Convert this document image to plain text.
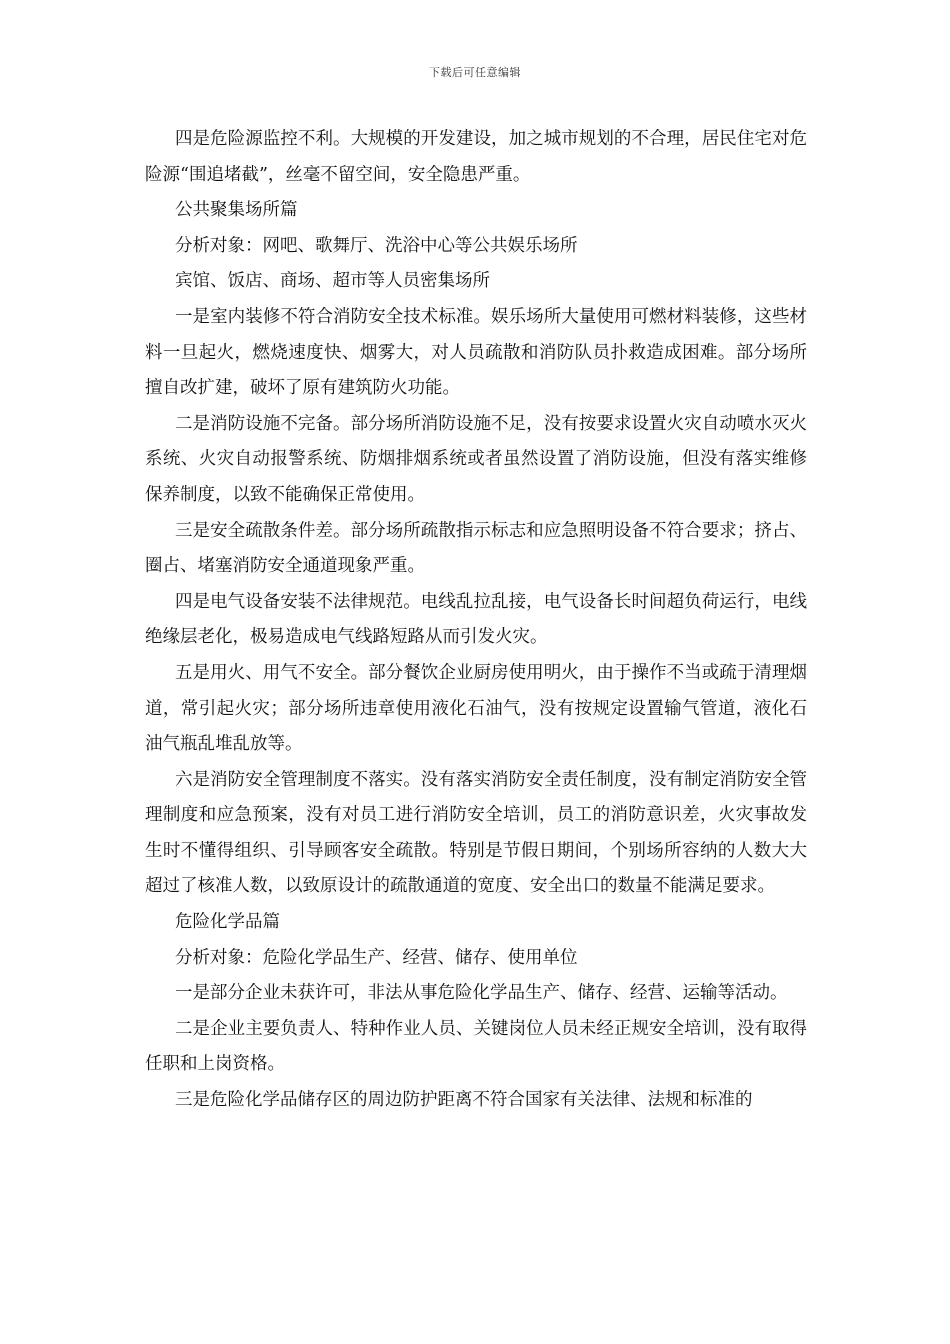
下载后可任意编辑

四是危险源监控不利。大规模的开发建设，加之城市规划的不合理，居民住宅对危险源“围追堵截”，丝毫不留空间，安全隐患严重。

公共聚集场所篇

分析对象：网吧、歌舞厅、洗浴中心等公共娱乐场所

宾馆、饭店、商场、超市等人员密集场所

一是室内装修不符合消防安全技术标准。娱乐场所大量使用可燃材料装修，这些材料一旦起火，燃烧速度快、烟雾大，对人员疏散和消防队员扑救造成困难。部分场所擅自改扩建，破坏了原有建筑防火功能。

二是消防设施不完备。部分场所消防设施不足，没有按要求设置火灾自动喷水灭火系统、火灾自动报警系统、防烟排烟系统或者虽然设置了消防设施，但没有落实维修保养制度，以致不能确保正常使用。

三是安全疏散条件差。部分场所疏散指示标志和应急照明设备不符合要求；挤占、圈占、堵塞消防安全通道现象严重。

四是电气设备安装不法律规范。电线乱拉乱接，电气设备长时间超负荷运行，电线绝缘层老化，极易造成电气线路短路从而引发火灾。

五是用火、用气不安全。部分餐饮企业厨房使用明火，由于操作不当或疏于清理烟道，常引起火灾；部分场所违章使用液化石油气，没有按规定设置输气管道，液化石油气瓶乱堆乱放等。

六是消防安全管理制度不落实。没有落实消防安全责任制度，没有制定消防安全管理制度和应急预案，没有对员工进行消防安全培训，员工的消防意识差，火灾事故发生时不懂得组织、引导顾客安全疏散。特别是节假日期间，个别场所容纳的人数大大超过了核准人数，以致原设计的疏散通道的宽度、安全出口的数量不能满足要求。

危险化学品篇

分析对象：危险化学品生产、经营、储存、使用单位

一是部分企业未获许可，非法从事危险化学品生产、储存、经营、运输等活动。

二是企业主要负责人、特种作业人员、关键岗位人员未经正规安全培训，没有取得任职和上岗资格。

三是危险化学品储存区的周边防护距离不符合国家有关法律、法规和标准的
